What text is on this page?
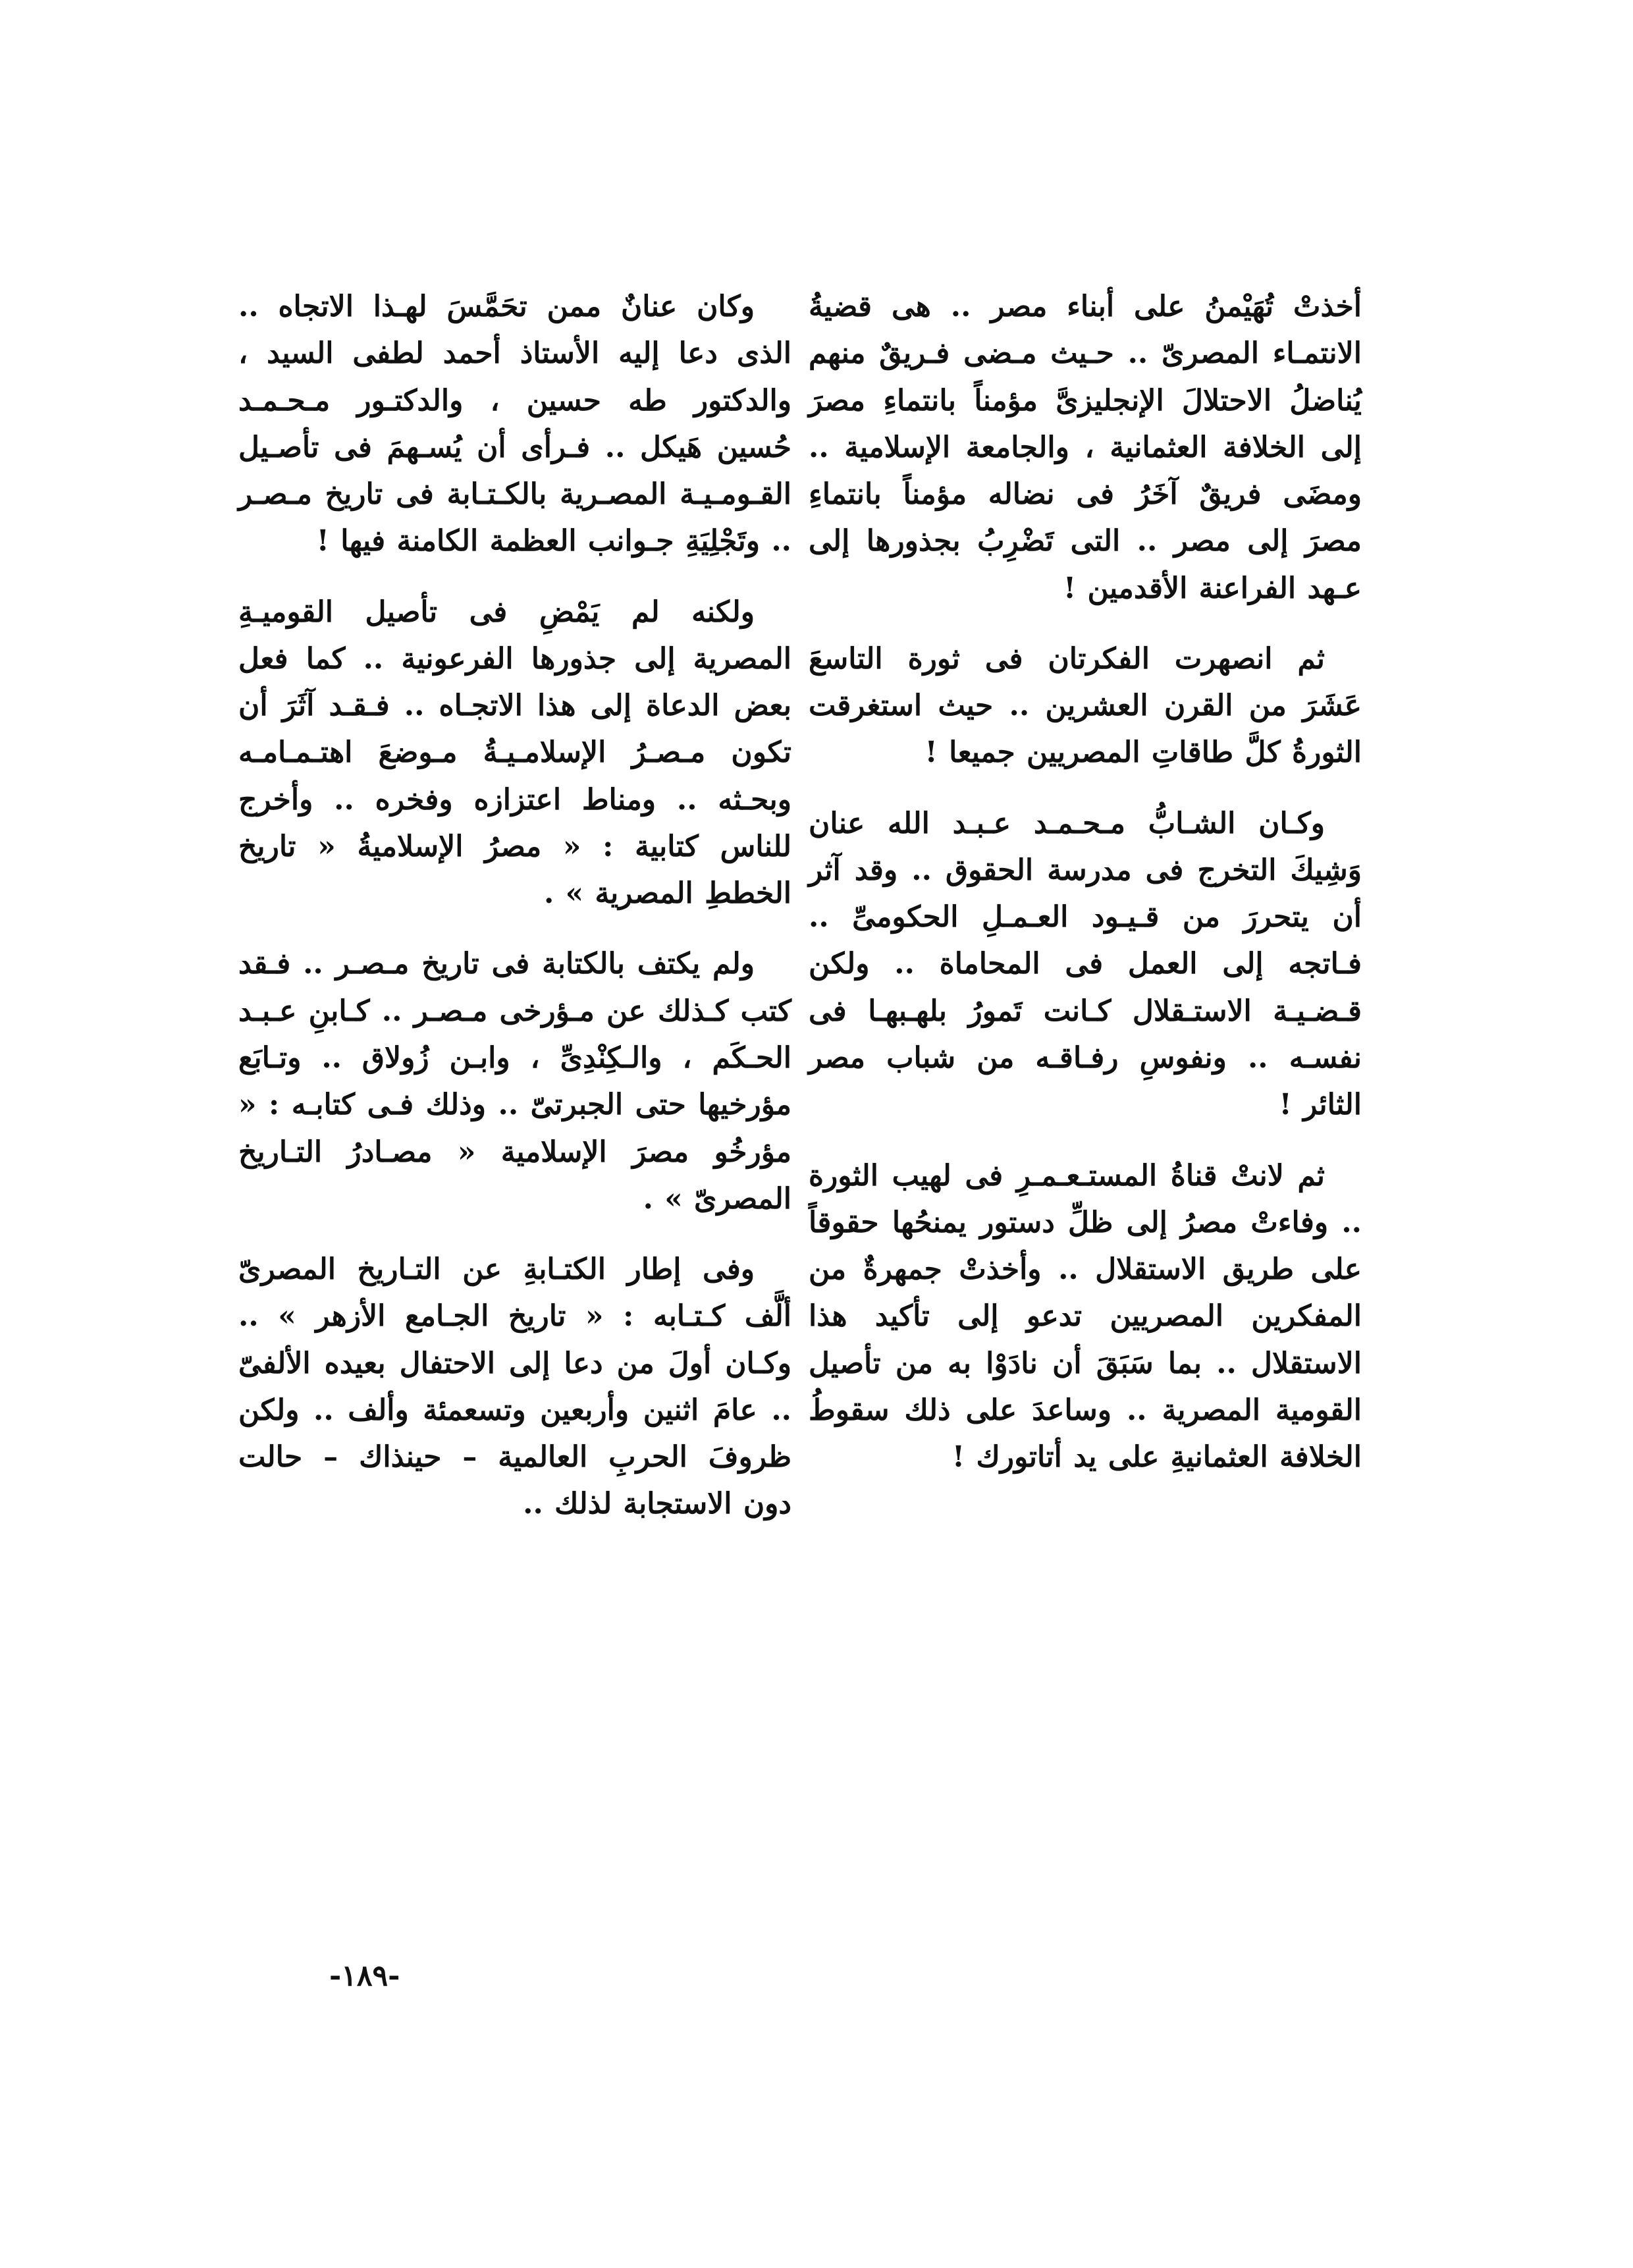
أخذتْ تُهَيْمنُ على أبناء مصر .. هى قضيةُ الانتمـاء المصرىّ .. حـيث مـضى فـريقٌ منهم يُناضلُ الاحتلالَ الإنجليزىَّ مؤمناً بانتماءِ مصرَ إلى الخلافة العثمانية ، والجامعة الإسلامية .. ومضَى فريقٌ آخَرُ فى نضاله مؤمناً بانتماءِ مصرَ إلى مصر .. التى تَضْرِبُ بجذورها إلى عـهد الفراعنة الأقدمين !

ثم انصهرت الفكرتان فى ثورة التاسعَ عَشَرَ من القرن العشرين .. حيث استغرقت الثورةُ كلَّ طاقاتِ المصريين جميعا !

وكـان الشـابُّ مـحـمـد عـبـد الله عنان وَشِيكَ التخرج فى مدرسة الحقوق .. وقد آثر أن يتحررَ من قـيـود العـمـلِ الحكومىِّ .. فـاتجه إلى العمل فى المحاماة .. ولكن قـضـيـة الاستـقلال كـانت تَمورُ بلهـبهـا فى نفسـه .. ونفوسِ رفـاقـه من شباب مصر الثائر !

ثم لانتْ قناةُ المستـعـمـرِ فى لهيب الثورة .. وفاءتْ مصرُ إلى ظلِّ دستور يمنحُها حقوقاً على طريق الاستقلال .. وأخذتْ جمهرةٌ من المفكرين المصريين تدعو إلى تأكيد هذا الاستقلال .. بما سَبَقَ أن نادَوْا به من تأصيل القومية المصرية .. وساعدَ على ذلك سقوطُ الخلافة العثمانيةِ على يد أتاتورك !

وكان عنانٌ ممن تحَمَّسَ لهـذا الاتجاه .. الذى دعا إليه الأستاذ أحمد لطفى السيد ، والدكتور طه حسين ، والدكتـور مـحـمـد حُسين هَيكل .. فـرأى أن يُسـهمَ فى تأصـيل القـومـيـة المصـرية بالكـتـابة فى تاريخ مـصـر .. وتَجْلِيَةِ جـوانب العظمة الكامنة فيها !

ولكنه لم يَمْضِ فى تأصيل القوميـةِ المصرية إلى جذورها الفرعونية .. كما فعل بعض الدعاة إلى هذا الاتجـاه .. فـقـد آثَرَ أن تكون مـصـرُ الإسلامـيـةُ مـوضعَ اهتـمـامـه وبحـثه .. ومناط اعتزازه وفخره .. وأخرج للناس كتابية : « مصرُ الإسلاميةُ « تاريخ الخططِ المصرية » .

ولم يكتف بالكتابة فى تاريخ مـصـر .. فـقد كتب كـذلك عن مـؤرخى مـصـر .. كـابنِ عـبـد الحـكَم ، والـكِنْدِىِّ ، وابـن زُولاق .. وتـابَع مؤرخيها حتى الجبرتىّ .. وذلك فـى كتابـه : « مؤرخُو مصرَ الإسلامية « مصـادرُ التـاريخ المصرىّ » .

وفى إطار الكتـابةِ عن التـاريخ المصرىّ ألَّف كـتـابه : « تاريخ الجـامع الأزهر » .. وكـان أولَ من دعا إلى الاحتفال بعيده الألفىّ .. عامَ اثنين وأربعين وتسعمئة وألف .. ولكن ظروفَ الحربِ العالمية – حينذاك – حالت دون الاستجابة لذلك ..

-١٨٩-
